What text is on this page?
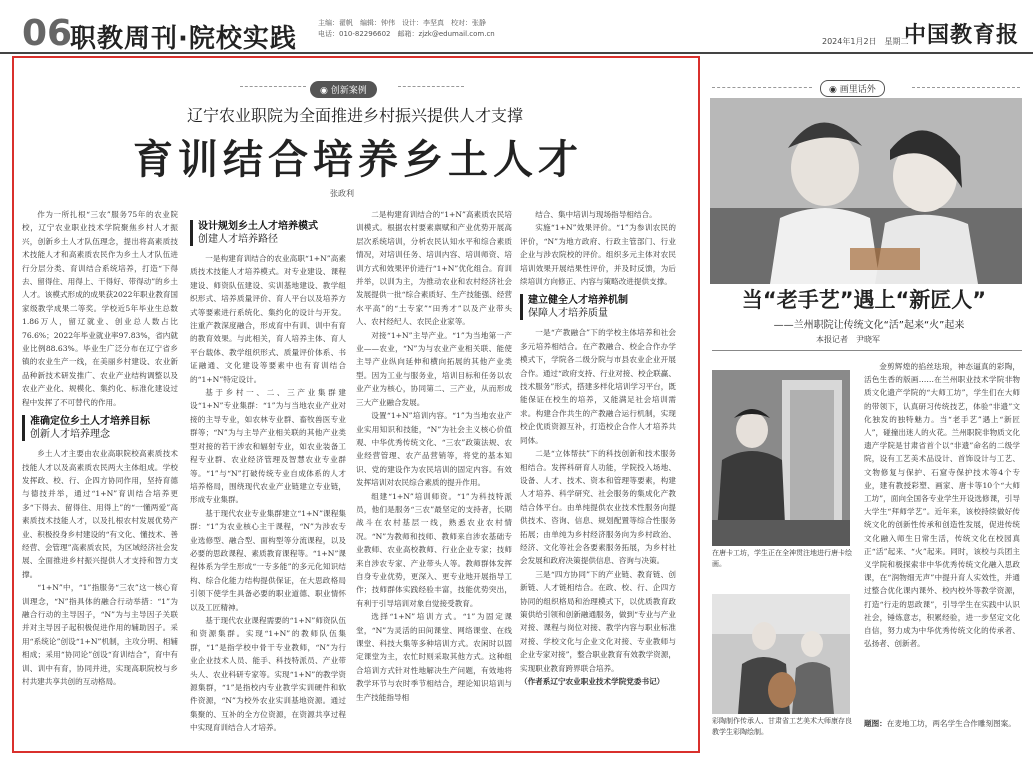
06
职教周刊·院校实践
主编：翟帆　编辑：钟伟　设计：李坚真　校对：张静
电话：010-82296602　邮箱：zjzk@edumail.com.cn
2024年1月2日　星期二
中国教育报
◉ 创新案例
辽宁农业职院为全面推进乡村振兴提供人才支撑
育训结合培养乡土人才
张政利

作为一所扎根“三农”服务75年的农业院校，辽宁农业职业技术学院聚焦乡村人才振兴，创新乡土人才队伍理念，提出将高素质技术技能人才和高素质农民作为乡土人才队伍进行分层分类、育训结合系统培养，打造“下得去、留得住、用得上、干得好、带得动”的乡土人才。该模式形成的成果获2022年职业教育国家级教学成果二等奖。学校近5年毕业生总数1.86万人，留辽就业、创业总人数占比76.6%；2022年毕业就业率97.83%，省内就业比例88.63%。毕业生广泛分布在辽宁省乡镇的农业生产一线，在美丽乡村建设、农业新品种新技术研发推广、农业产业结构调整以及农业产业化、规模化、集约化、标准化建设过程中发挥了不可替代的作用。

准确定位乡土人才培养目标
创新人才培养理念

乡土人才主要由农业高职院校高素质技术技能人才以及高素质农民两大主体组成。学校发挥政、校、行、企四方协同作用，坚持育德与德技并举，通过“1+N”育训结合培养更多“下得去、留得住、用得上”的“一懂两爱”高素质技术技能人才，以及扎根农村发展优势产业、积极投身乡村建设的“有文化、懂技术、善经营、会管理”高素质农民，为区域经济社会发展、全面推进乡村振兴提供人才支持和智力支撑。

“1+N”中，“1”指服务“三农”这一核心育训理念，“N”指具体的融合行动举措：“1”为融合行动的主导因子，“N”为与主导因子关联并对主导因子起积极促进作用的辅助因子。采用“系统论”创设“1+N”机制，主攻分明、相辅相成；采用“协同论”创设“育训结合”，育中有训、训中有育，协同并进，实现高职院校与乡村共建共享共创的互动格局。

设计规划乡土人才培养模式
创建人才培养路径

一是构建育训结合的农业高职“1+N”高素质技术技能人才培养模式。对专业建设、课程建设、师资队伍建设、实训基地建设、教学组织形式、培养质量评价、育人平台以及培养方式等要素进行系统化、集约化的设计与开发。注重产教深度融合，形成育中有训、训中有育的教育效果。与此相关，育人培养主体、育人平台载体、教学组织形式、质量评价体系、书证融通、文化建设等要素中也有育训结合的“1+N”特定设计。

基于乡村一、二、三产业集群建设“1+N”专业集群：“1”为与当地农业产业对接的主导专业，如农林专业群、畜牧兽医专业群等；“N”为与主导产业相关联的其他产业类型对接的若干涉农和辐射专业，如农业装备工程专业群、农业经济管理及智慧农业专业群等。“1”与“N”打破传统专业自成体系的人才培养格局，围绕现代农业产业链建立专业链，形成专业集群。

基于现代农业专业集群建立“1+N”课程集群：“1”为农业核心主干课程，“N”为涉农专业选修型、融合型、面构型等分流课程，以及必要的思政课程、素质教育课程等。“1+N”课程体系为学生形成“一专多能”的多元化知识结构、综合化能力结构提供保证，在大思政格局引领下使学生具备必要的职业道德、职业情怀以及工匠精神。

基于现代农业课程需要的“1+N”师资队伍和资源集群。实现“1+N”的教师队伍集群，“1”是指学校中骨干专业教师，“N”为行业企业技术人员、能手、科技特派员、产业带头人、农业科研专家等。实现“1+N”的教学资源集群，“1”是指校内专业教学实训硬件和软件资源，“N”为校外农业实训基地资源。通过集聚的、互补的全方位资源，在资源共享过程中实现育训结合人才培养。

二是构建育训结合的“1+N”高素质农民培训模式。根据农村要素禀赋和产业优势开展高层次系统培训，分析农民认知水平和综合素质情况，对培训任务、培训内容、培训师资、培训方式和效果评价进行“1+N”优化组合。育训并举，以训为主，为推动农业和农村经济社会发展提供一批“综合素质好、生产技能强、经营水平高”的“土专家”“田秀才”以及产业带头人、农村经纪人、农民企业家等。

对接“1+N”主导产业。“1”为当地第一产业——农业，“N”为与农业产业相关联、能使主导产业纵向延伸和横向拓展的其他产业类型。因为工业与服务业，培训目标和任务以农业产业为核心，协同第二、三产业，从而形成三大产业融合发展。

设置“1+N”培训内容。“1”为当地农业产业实用知识和技能，“N”为社会主义核心价值观、中华优秀传统文化、“三农”政策法规、农业经营管理、农产品营销等，将党的基本知识、党的建设作为农民培训的固定内容。有效发挥培训对农民综合素质的提升作用。

组建“1+N”培训师资。“1”为科技特派员，他们是服务“三农”最坚定的支持者，长期战斗在农村基层一线，熟悉农业农村情况。“N”为教师和技师、教师来自涉农基础专业教师、农业高校教师、行业企业专家；技师来自涉农专家、产业带头人等。教师群体发挥自身专业优势，更深入、更专业地开展指导工作；技师群体实践经验丰富，技能优势突出，有利于引导培训对象自觉接受教育。

选择“1+N”培训方式。“1”为固定课堂，“N”为灵活的田间课堂、网络课堂、在线课堂、科技大集等多种培训方式。农闲时以固定课堂为主，农忙时则采取其他方式。这种组合培训方式针对性地解决生产问题，有效地将教学环节与农时季节相结合，理论知识培训与生产技能指导相

结合、集中培训与现场指导相结合。

实施“1+N”效果评价。“1”为参训农民的评价，“N”为地方政府、行政主管部门、行业企业与涉农院校的评价。组织多元主体对农民培训效果开展结果性评价，并及时反馈，为后续培训方向修正、内容与策略改进提供支撑。

建立健全人才培养机制
保障人才培养质量

一是“产教融合”下的学校主体培养和社会多元培养相结合。在产教融合、校企合作办学模式下，学院各二级分院与市县农业企业开展合作。通过“政府支持、行业对接、校企联赢、技术服务”形式，搭建多样化培训学习平台，既能保证在校生的培养，又能满足社会培训需求。构建合作共生的产教融合运行机制，实现校企优质资源互补，打造校企合作人才培养共同体。

二是“立体帮扶”下的科技创新和技术服务相结合。发挥科研育人功能，学院投入场地、设备、人才、技术、资本和管理等要素，构建人才培养、科学研究、社会服务的集成化产教结合体平台。由单纯提供农业技术性服务向提供技术、咨询、信息、规划配置等综合性服务拓展；由单纯为乡村经济服务向为乡村政治、经济、文化等社会各要素服务拓展，为乡村社会发展和政府决策提供信息、咨询与决策。

三是“四方协同”下的产业链、教育链、创新链、人才链相结合。在政、校、行、企四方协同的组织格局和治理模式下，以优质教育政策供给引领和创新融通服务，做到“专业与产业对接、课程与岗位对接、教学内容与职业标准对接、学校文化与企业文化对接、专业教师与企业专家对接”，整合职业教育有效教学资源，实现职业教育跨界联合培养。

（作者系辽宁农业职业技术学院党委书记）

◉ 画里话外
当“老手艺”遇上“新匠人”
——兰州职院让传统文化“活”起来“火”起来
本报记者　尹晓军
在唐卡工坊，学生正在全神贯注地进行唐卡绘画。
彩陶制作传承人、甘肃省工艺美术大师康存良教学生彩陶绘制。

金剪辉煌的掐丝珐琅，神态逼真的彩陶，活色生香的版画……在兰州职业技术学院非物质文化遗产学院的“大师工坊”，学生们在大师的带领下，认真研习传统技艺，体验“非遗”文化独发的独特魅力。当“老手艺”遇上“新匠人”，碰撞出迷人的火花。兰州职院非物质文化遗产学院是甘肃省首个以“非遗”命名的二级学院，设有工艺美术品设计、首饰设计与工艺、文物修复与保护、石窟寺保护技术等4个专业，建有教授彩塑、画家、唐卡等10个“大师工坊”，面向全国各专业学生开设选修课，引导大学生“拜师学艺”。近年来，该校持续做好传统文化的创新性传承和创造性发展，促进传统文化融入师生日常生活，传统文化在校园真正“活”起来、“火”起来。同时，该校与兵团主义学院和极探索非中华优秀传统文化融入思政课，在“润物细无声”中提升育人实效性，并通过整合优化课内课外、校内校外等教学资源，打造“行走的思政课”，引导学生在实践中认识社会，锤炼意志，积累经验，进一步坚定文化自信，努力成为中华优秀传统文化的传承者、弘扬者、创新者。

题图：在麦地工坊，两名学生合作雕刻图案。
